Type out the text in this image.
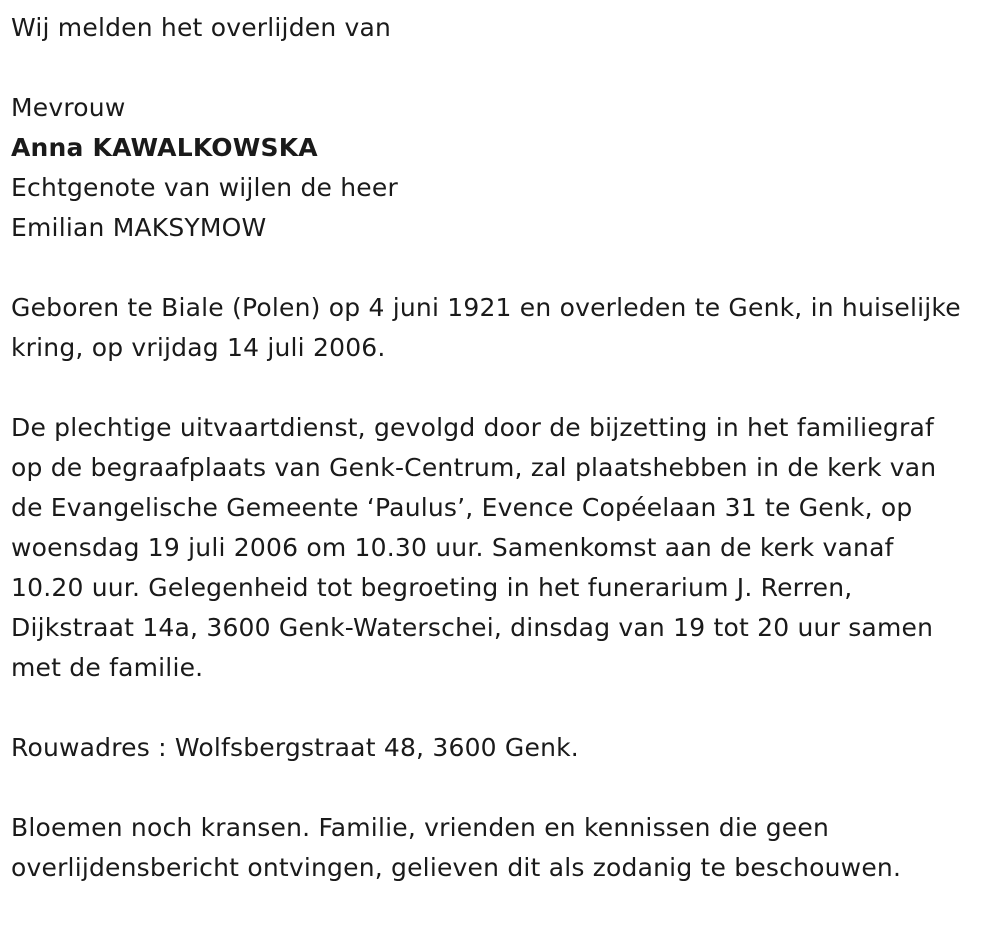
Wij melden het overlijden van
Mevrouw
Anna KAWALKOWSKA
Echtgenote van wijlen de heer
Emilian MAKSYMOW
Geboren te Biale (Polen) op 4 juni 1921 en overleden te Genk, in huiselijke
kring, op vrijdag 14 juli 2006.
De plechtige uitvaartdienst, gevolgd door de bijzetting in het familiegraf
op de begraafplaats van Genk-Centrum, zal plaatshebben in de kerk van
de Evangelische Gemeente ‘Paulus’, Evence Copéelaan 31 te Genk, op
woensdag 19 juli 2006 om 10.30 uur. Samenkomst aan de kerk vanaf
10.20 uur. Gelegenheid tot begroeting in het funerarium J. Rerren,
Dijkstraat 14a, 3600 Genk-Waterschei, dinsdag van 19 tot 20 uur samen
met de familie.
Rouwadres : Wolfsbergstraat 48, 3600 Genk.
Bloemen noch kransen. Familie, vrienden en kennissen die geen
overlijdensbericht ontvingen, gelieven dit als zodanig te beschouwen.
